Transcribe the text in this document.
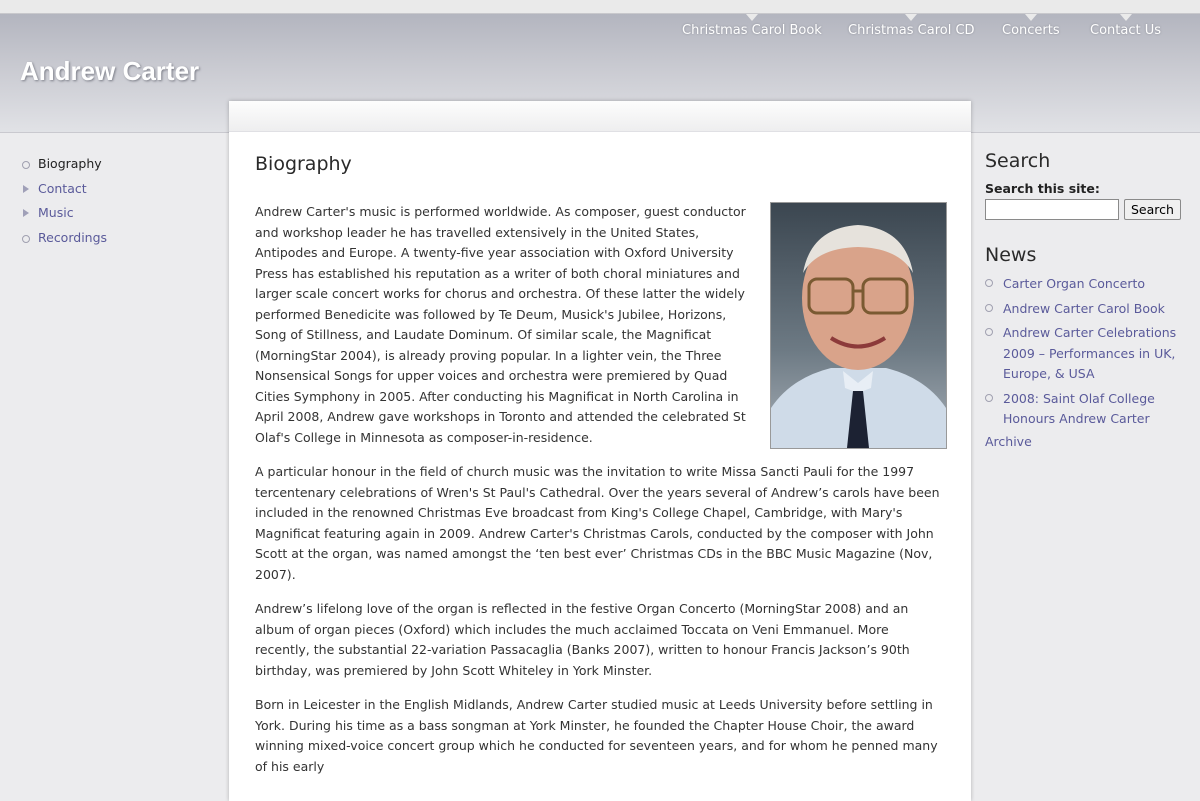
Andrew Carter
Christmas Carol Book Christmas Carol CD Concerts Contact Us
Biography
Contact
Music
Recordings
Biography

Andrew Carter's music is performed worldwide. As composer, guest conductor and workshop leader he has travelled extensively in the United States, Antipodes and Europe. A twenty-five year association with Oxford University Press has established his reputation as a writer of both choral miniatures and larger scale concert works for chorus and orchestra. Of these latter the widely performed Benedicite was followed by Te Deum, Musick's Jubilee, Horizons, Song of Stillness, and Laudate Dominum. Of similar scale, the Magnificat (MorningStar 2004), is already proving popular. In a lighter vein, the Three Nonsensical Songs for upper voices and orchestra were premiered by Quad Cities Symphony in 2005. After conducting his Magnificat in North Carolina in April 2008, Andrew gave workshops in Toronto and attended the celebrated St Olaf's College in Minnesota as composer-in-residence.

A particular honour in the field of church music was the invitation to write Missa Sancti Pauli for the 1997 tercentenary celebrations of Wren's St Paul's Cathedral. Over the years several of Andrew’s carols have been included in the renowned Christmas Eve broadcast from King's College Chapel, Cambridge, with Mary's Magnificat featuring again in 2009. Andrew Carter's Christmas Carols, conducted by the composer with John Scott at the organ, was named amongst the ‘ten best ever’ Christmas CDs in the BBC Music Magazine (Nov, 2007).

Andrew’s lifelong love of the organ is reflected in the festive Organ Concerto (MorningStar 2008) and an album of organ pieces (Oxford) which includes the much acclaimed Toccata on Veni Emmanuel. More recently, the substantial 22-variation Passacaglia (Banks 2007), written to honour Francis Jackson’s 90th birthday, was premiered by John Scott Whiteley in York Minster.

Born in Leicester in the English Midlands, Andrew Carter studied music at Leeds University before settling in York. During his time as a bass songman at York Minster, he founded the Chapter House Choir, the award winning mixed-voice concert group which he conducted for seventeen years, and for whom he penned many of his early

Search
Search this site:
Search
News
Carter Organ Concerto
Andrew Carter Carol Book
Andrew Carter Celebrations 2009 – Performances in UK, Europe, & USA
2008: Saint Olaf College Honours Andrew Carter
Archive
